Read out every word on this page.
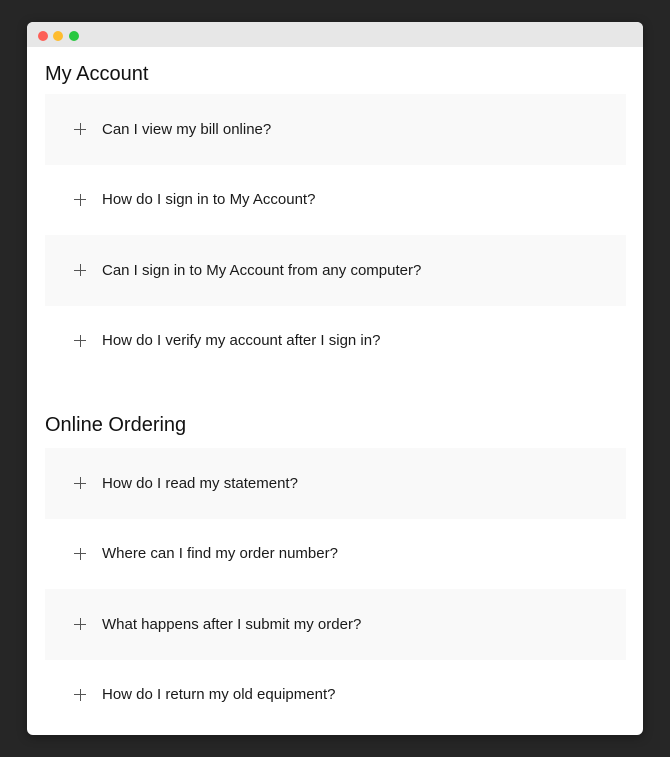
My Account
Can I view my bill online?
How do I sign in to My Account?
Can I sign in to My Account from any computer?
How do I verify my account after I sign in?
Online Ordering
How do I read my statement?
Where can I find my order number?
What happens after I submit my order?
How do I return my old equipment?
